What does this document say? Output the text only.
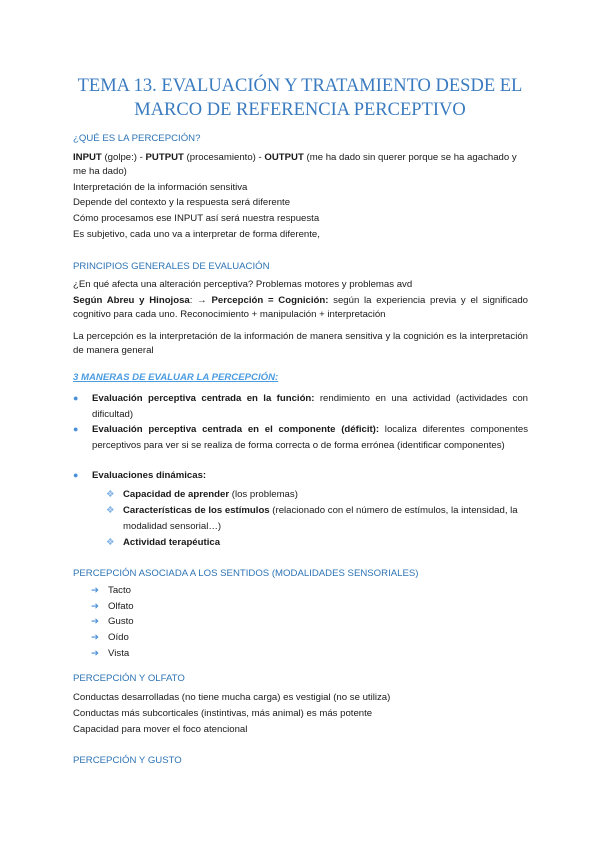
TEMA 13. EVALUACIÓN Y TRATAMIENTO DESDE EL
MARCO DE REFERENCIA PERCEPTIVO
¿QUÉ ES LA PERCEPCIÓN?

INPUT (golpe:) - PUTPUT (procesamiento) - OUTPUT (me ha dado sin querer porque se ha agachado y me ha dado)

Interpretación de la información sensitiva

Depende del contexto y la respuesta será diferente

Cómo procesamos ese INPUT así será nuestra respuesta

Es subjetivo, cada uno va a interpretar de forma diferente,

PRINCIPIOS GENERALES DE EVALUACIÓN

¿En qué afecta una alteración perceptiva? Problemas motores y problemas avd

Según Abreu y Hinojosa: → Percepción = Cognición: según la experiencia previa y el significado cognitivo para cada uno. Reconocimiento + manipulación + interpretación

La percepción es la interpretación de la información de manera sensitiva y la cognición es la interpretación de manera general

3 MANERAS DE EVALUAR LA PERCEPCIÓN:
● Evaluación perceptiva centrada en la función: rendimiento en una actividad (actividades con dificultad)
● Evaluación perceptiva centrada en el componente (déficit): localiza diferentes componentes perceptivos para ver si se realiza de forma correcta o de forma errónea (identificar componentes)
● Evaluaciones dinámicas:
❖ Capacidad de aprender (los problemas)
❖ Características de los estímulos (relacionado con el número de estímulos, la intensidad, la modalidad sensorial…)
❖ Actividad terapéutica
PERCEPCIÓN ASOCIADA A LOS SENTIDOS (MODALIDADES SENSORIALES)
➔ Tacto
➔ Olfato
➔ Gusto
➔ Oído
➔ Vista
PERCEPCIÓN Y OLFATO

Conductas desarrolladas (no tiene mucha carga) es vestigial (no se utiliza)

Conductas más subcorticales (instintivas, más animal) es más potente

Capacidad para mover el foco atencional

PERCEPCIÓN Y GUSTO
